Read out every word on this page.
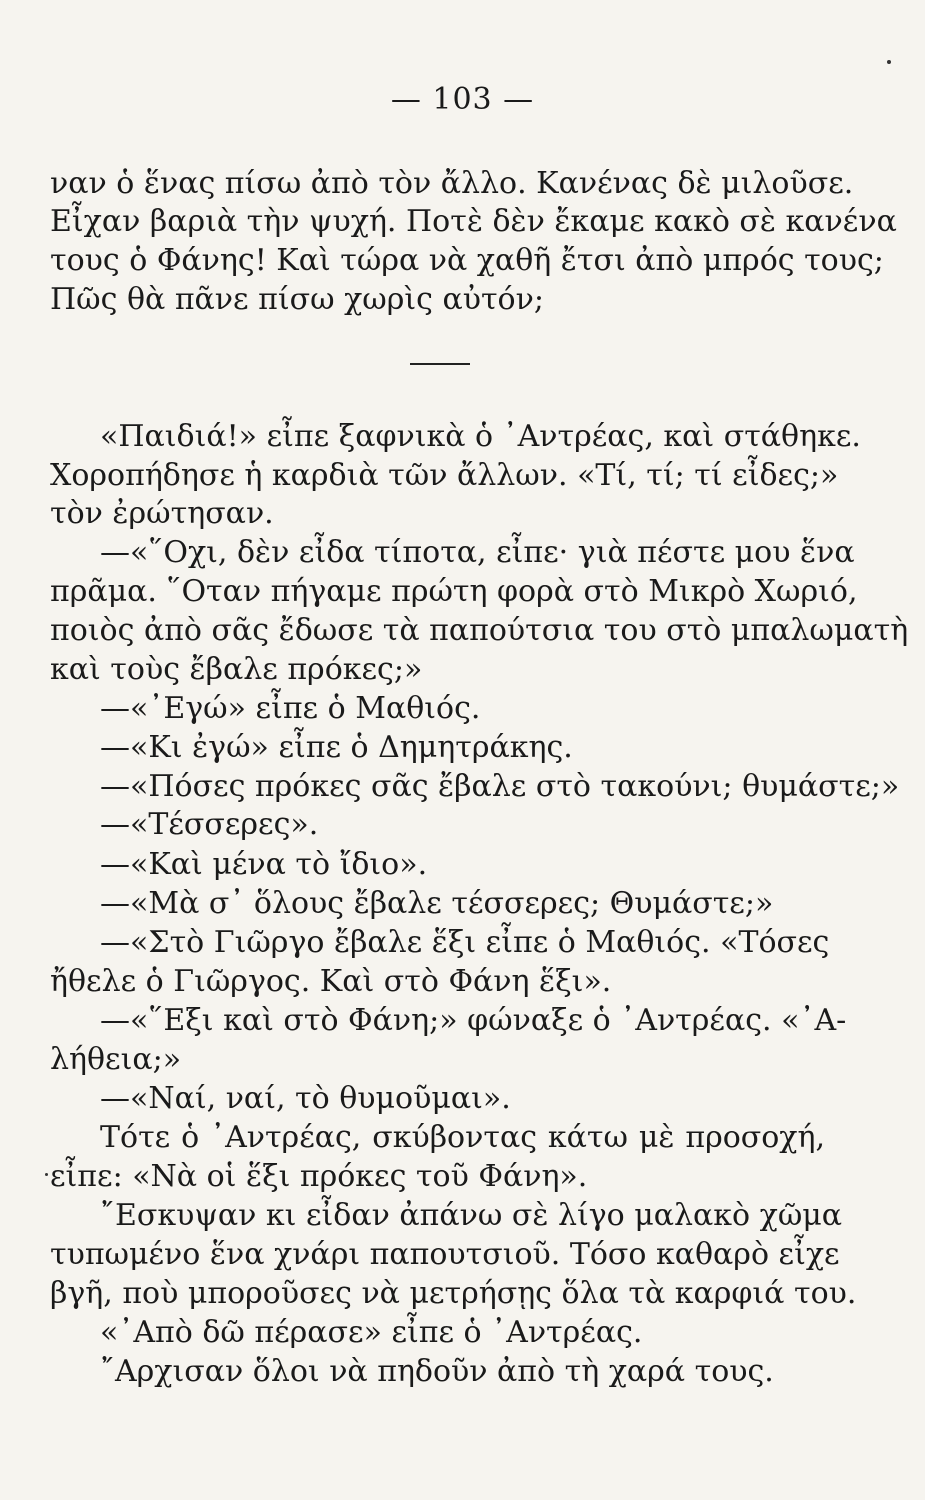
— 103 —
ναν ὁ ἕνας πίσω ἀπὸ τὸν ἄλλο. Κανένας δὲ μιλοῦσε.
Εἶχαν βαριὰ τὴν ψυχή. Ποτὲ δὲν ἔκαμε κακὸ σὲ κανένα
τους ὁ Φάνης! Καὶ τώρα νὰ χαθῆ ἔτσι ἀπὸ μπρός τους;
Πῶς θὰ πᾶνε πίσω χωρὶς αὐτόν;
«Παιδιά!» εἶπε ξαφνικὰ ὁ ᾿Αντρέας, καὶ στάθηκε.
Χοροπήδησε ἡ καρδιὰ τῶν ἄλλων. «Τί, τί; τί εἶδες;»
τὸν ἐρώτησαν.
—«῞Οχι, δὲν εἶδα τίποτα, εἶπε· γιὰ πέστε μου ἕνα
πρᾶμα. ῞Οταν πήγαμε πρώτη φορὰ στὸ Μικρὸ Χωριό,
ποιὸς ἀπὸ σᾶς ἔδωσε τὰ παπούτσια του στὸ μπαλωματὴ
καὶ τοὺς ἔβαλε πρόκες;»
—«᾿Εγώ» εἶπε ὁ Μαθιός.
—«Κι ἐγώ» εἶπε ὁ Δημητράκης.
—«Πόσες πρόκες σᾶς ἔβαλε στὸ τακούνι; θυμάστε;»
—«Τέσσερες».
—«Καὶ μένα τὸ ἴδιο».
—«Μὰ σ᾿ ὅλους ἔβαλε τέσσερες; Θυμάστε;»
—«Στὸ Γιῶργο ἔβαλε ἕξι εἶπε ὁ Μαθιός. «Τόσες
ἤθελε ὁ Γιῶργος. Καὶ στὸ Φάνη ἕξι».
—«῞Εξι καὶ στὸ Φάνη;» φώναξε ὁ ᾿Αντρέας. «᾿Α-
λήθεια;»
—«Ναί, ναί, τὸ θυμοῦμαι».
Τότε ὁ ᾿Αντρέας, σκύβοντας κάτω μὲ προσοχή,
εἶπε: «Νὰ οἱ ἕξι πρόκες τοῦ Φάνη».
῎Εσκυψαν κι εἶδαν ἀπάνω σὲ λίγο μαλακὸ χῶμα
τυπωμένο ἕνα χνάρι παπουτσιοῦ. Τόσο καθαρὸ εἶχε
βγῆ, ποὺ μποροῦσες νὰ μετρήσῃς ὅλα τὰ καρφιά του.
«᾿Απὸ δῶ πέρασε» εἶπε ὁ ᾿Αντρέας.
῎Αρχισαν ὅλοι νὰ πηδοῦν ἀπὸ τὴ χαρά τους.
